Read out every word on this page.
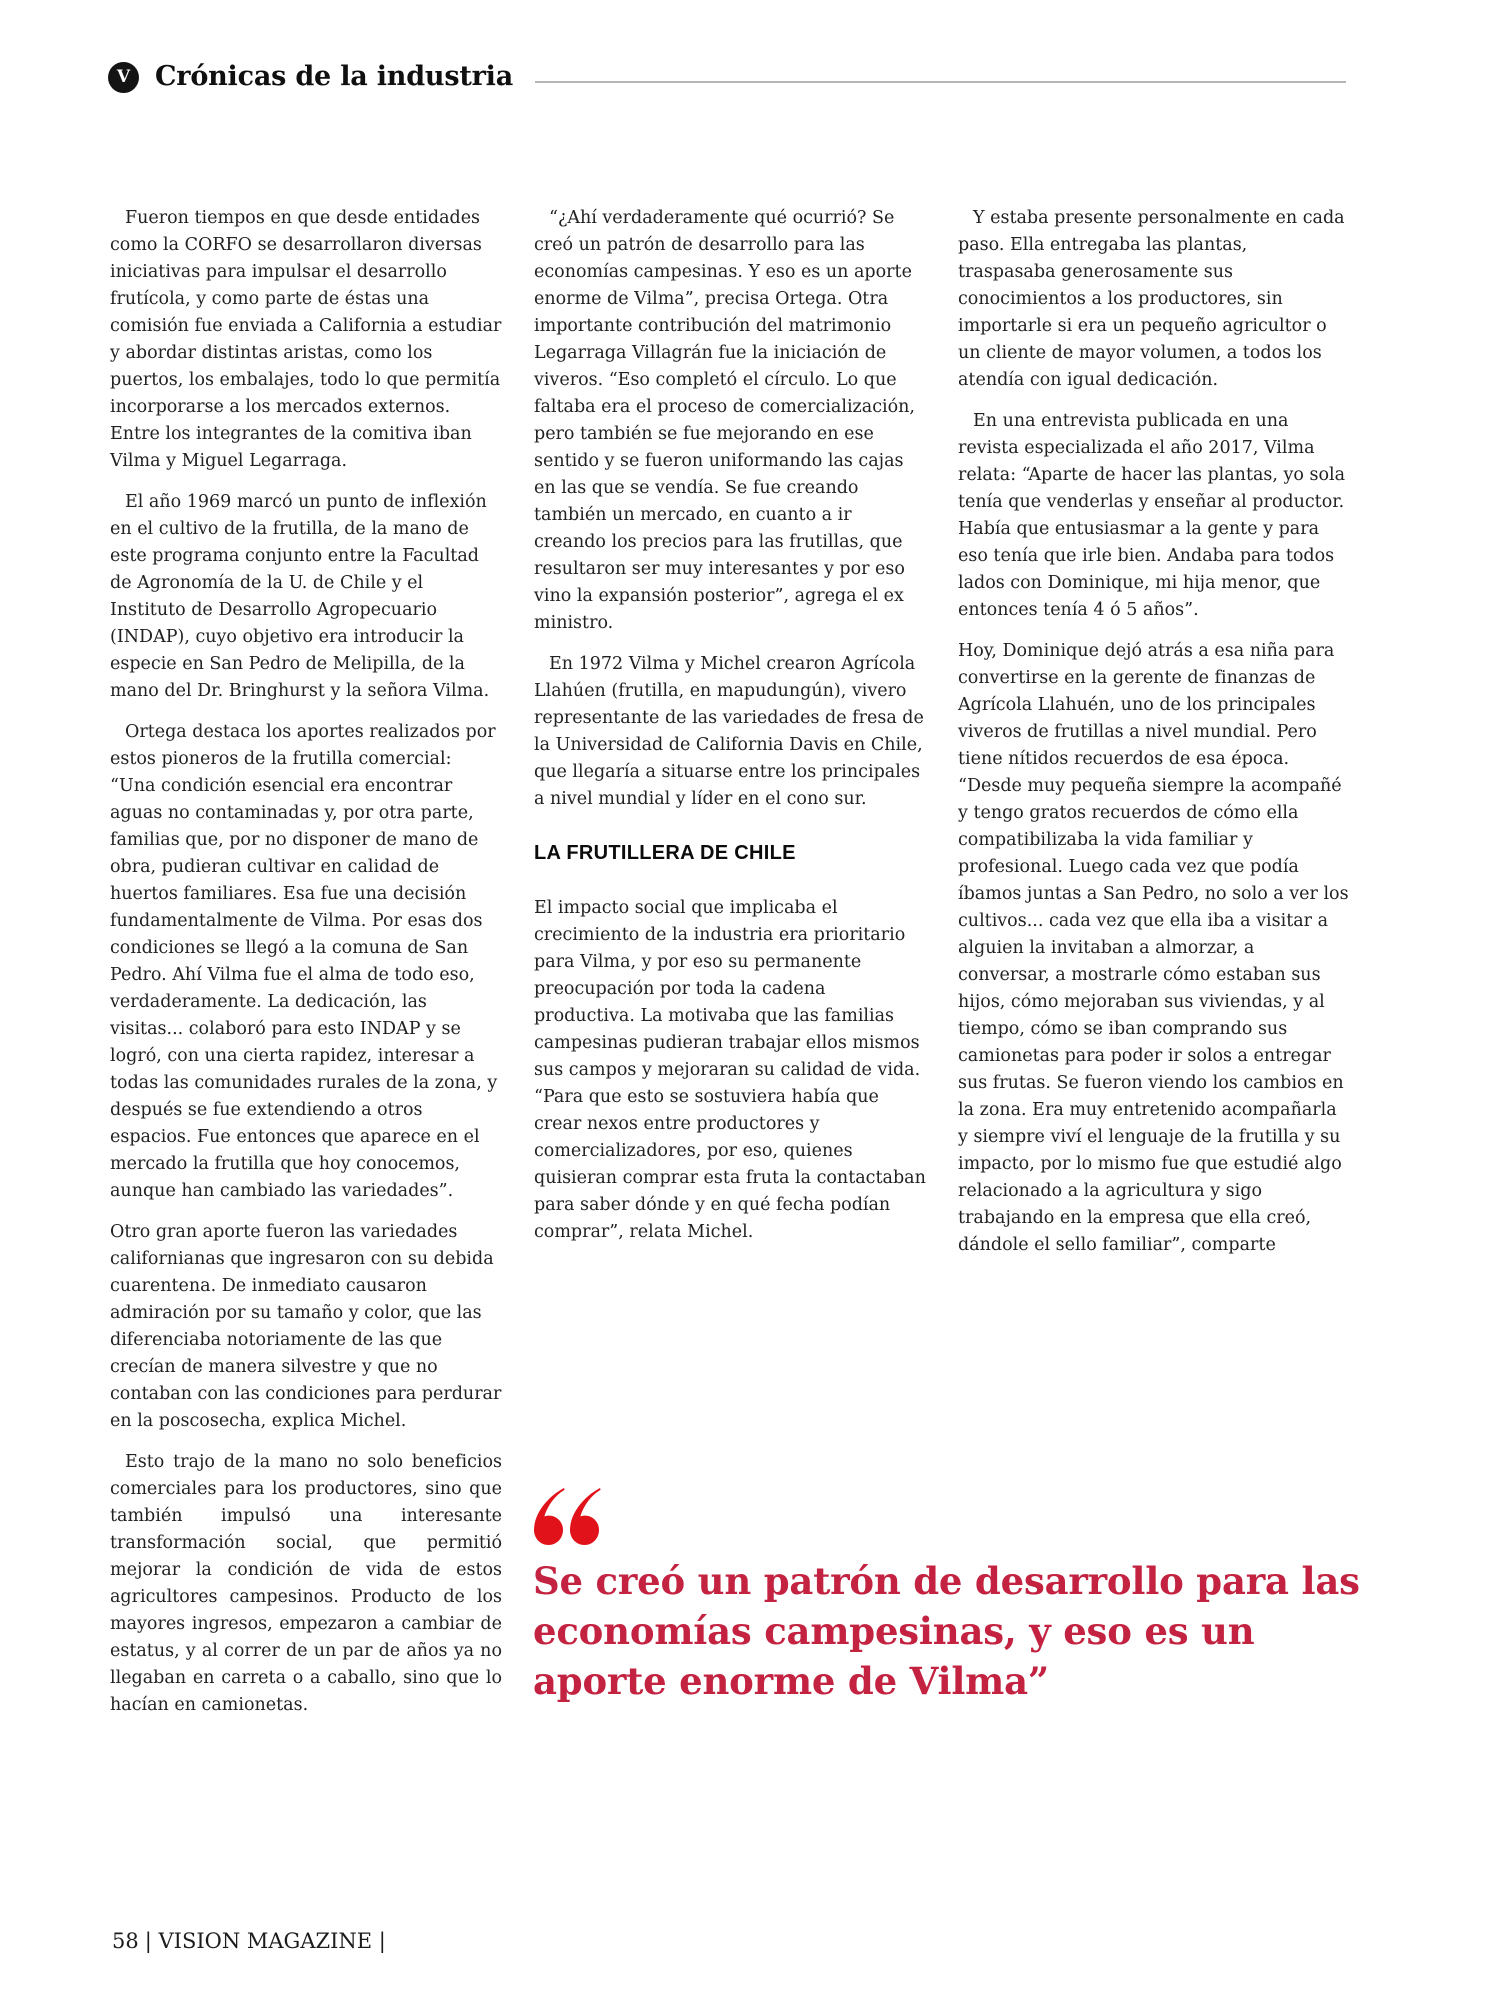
V Crónicas de la industria

Fueron tiempos en que desde entidades como la CORFO se desarrollaron diversas iniciativas para impulsar el desarrollo frutícola, y como parte de éstas una comisión fue enviada a California a estudiar y abordar distintas aristas, como los puertos, los embalajes, todo lo que permitía incorporarse a los mercados externos. Entre los integrantes de la comitiva iban Vilma y Miguel Legarraga.

El año 1969 marcó un punto de inflexión en el cultivo de la frutilla, de la mano de este programa conjunto entre la Facultad de Agronomía de la U. de Chile y el Instituto de Desarrollo Agropecuario (INDAP), cuyo objetivo era introducir la especie en San Pedro de Melipilla, de la mano del Dr. Bringhurst y la señora Vilma.

Ortega destaca los aportes realizados por estos pioneros de la frutilla comercial: “Una condición esencial era encontrar aguas no contaminadas y, por otra parte, familias que, por no disponer de mano de obra, pudieran cultivar en calidad de huertos familiares. Esa fue una decisión fundamentalmente de Vilma. Por esas dos condiciones se llegó a la comuna de San Pedro. Ahí Vilma fue el alma de todo eso, verdaderamente. La dedicación, las visitas... colaboró para esto INDAP y se logró, con una cierta rapidez, interesar a todas las comunidades rurales de la zona, y después se fue extendiendo a otros espacios. Fue entonces que aparece en el mercado la frutilla que hoy conocemos, aunque han cambiado las variedades”.

Otro gran aporte fueron las variedades californianas que ingresaron con su debida cuarentena. De inmediato causaron admiración por su tamaño y color, que las diferenciaba notoriamente de las que crecían de manera silvestre y que no contaban con las condiciones para perdurar en la poscosecha, explica Michel.

Esto trajo de la mano no solo beneficios comerciales para los productores, sino que también impulsó una interesante transformación social, que permitió mejorar la condición de vida de estos agricultores campesinos. Producto de los mayores ingresos, empezaron a cambiar de estatus, y al correr de un par de años ya no llegaban en carreta o a caballo, sino que lo hacían en camionetas.

“¿Ahí verdaderamente qué ocurrió? Se creó un patrón de desarrollo para las economías campesinas. Y eso es un aporte enorme de Vilma”, precisa Ortega. Otra importante contribución del matrimonio Legarraga Villagrán fue la iniciación de viveros. “Eso completó el círculo. Lo que faltaba era el proceso de comercialización, pero también se fue mejorando en ese sentido y se fueron uniformando las cajas en las que se vendía. Se fue creando también un mercado, en cuanto a ir creando los precios para las frutillas, que resultaron ser muy interesantes y por eso vino la expansión posterior”, agrega el ex ministro.

En 1972 Vilma y Michel crearon Agrícola Llahúen (frutilla, en mapudungún), vivero representante de las variedades de fresa de la Universidad de California Davis en Chile, que llegaría a situarse entre los principales a nivel mundial y líder en el cono sur.

LA FRUTILLERA DE CHILE

El impacto social que implicaba el crecimiento de la industria era prioritario para Vilma, y por eso su permanente preocupación por toda la cadena productiva. La motivaba que las familias campesinas pudieran trabajar ellos mismos sus campos y mejoraran su calidad de vida. “Para que esto se sostuviera había que crear nexos entre productores y comercializadores, por eso, quienes quisieran comprar esta fruta la contactaban para saber dónde y en qué fecha podían comprar”, relata Michel.

Y estaba presente personalmente en cada paso. Ella entregaba las plantas, traspasaba generosamente sus conocimientos a los productores, sin importarle si era un pequeño agricultor o un cliente de mayor volumen, a todos los atendía con igual dedicación.

En una entrevista publicada en una revista especializada el año 2017, Vilma relata: “Aparte de hacer las plantas, yo sola tenía que venderlas y enseñar al productor. Había que entusiasmar a la gente y para eso tenía que irle bien. Andaba para todos lados con Dominique, mi hija menor, que entonces tenía 4 ó 5 años”.

Hoy, Dominique dejó atrás a esa niña para convertirse en la gerente de finanzas de Agrícola Llahuén, uno de los principales viveros de frutillas a nivel mundial. Pero tiene nítidos recuerdos de esa época. “Desde muy pequeña siempre la acompañé y tengo gratos recuerdos de cómo ella compatibilizaba la vida familiar y profesional. Luego cada vez que podía íbamos juntas a San Pedro, no solo a ver los cultivos... cada vez que ella iba a visitar a alguien la invitaban a almorzar, a conversar, a mostrarle cómo estaban sus hijos, cómo mejoraban sus viviendas, y al tiempo, cómo se iban comprando sus camionetas para poder ir solos a entregar sus frutas. Se fueron viendo los cambios en la zona. Era muy entretenido acompañarla y siempre viví el lenguaje de la frutilla y su impacto, por lo mismo fue que estudié algo relacionado a la agricultura y sigo trabajando en la empresa que ella creó, dándole el sello familiar”, comparte

Se creó un patrón de desarrollo para las economías campesinas, y eso es un aporte enorme de Vilma”

58 | VISION MAGAZINE |
